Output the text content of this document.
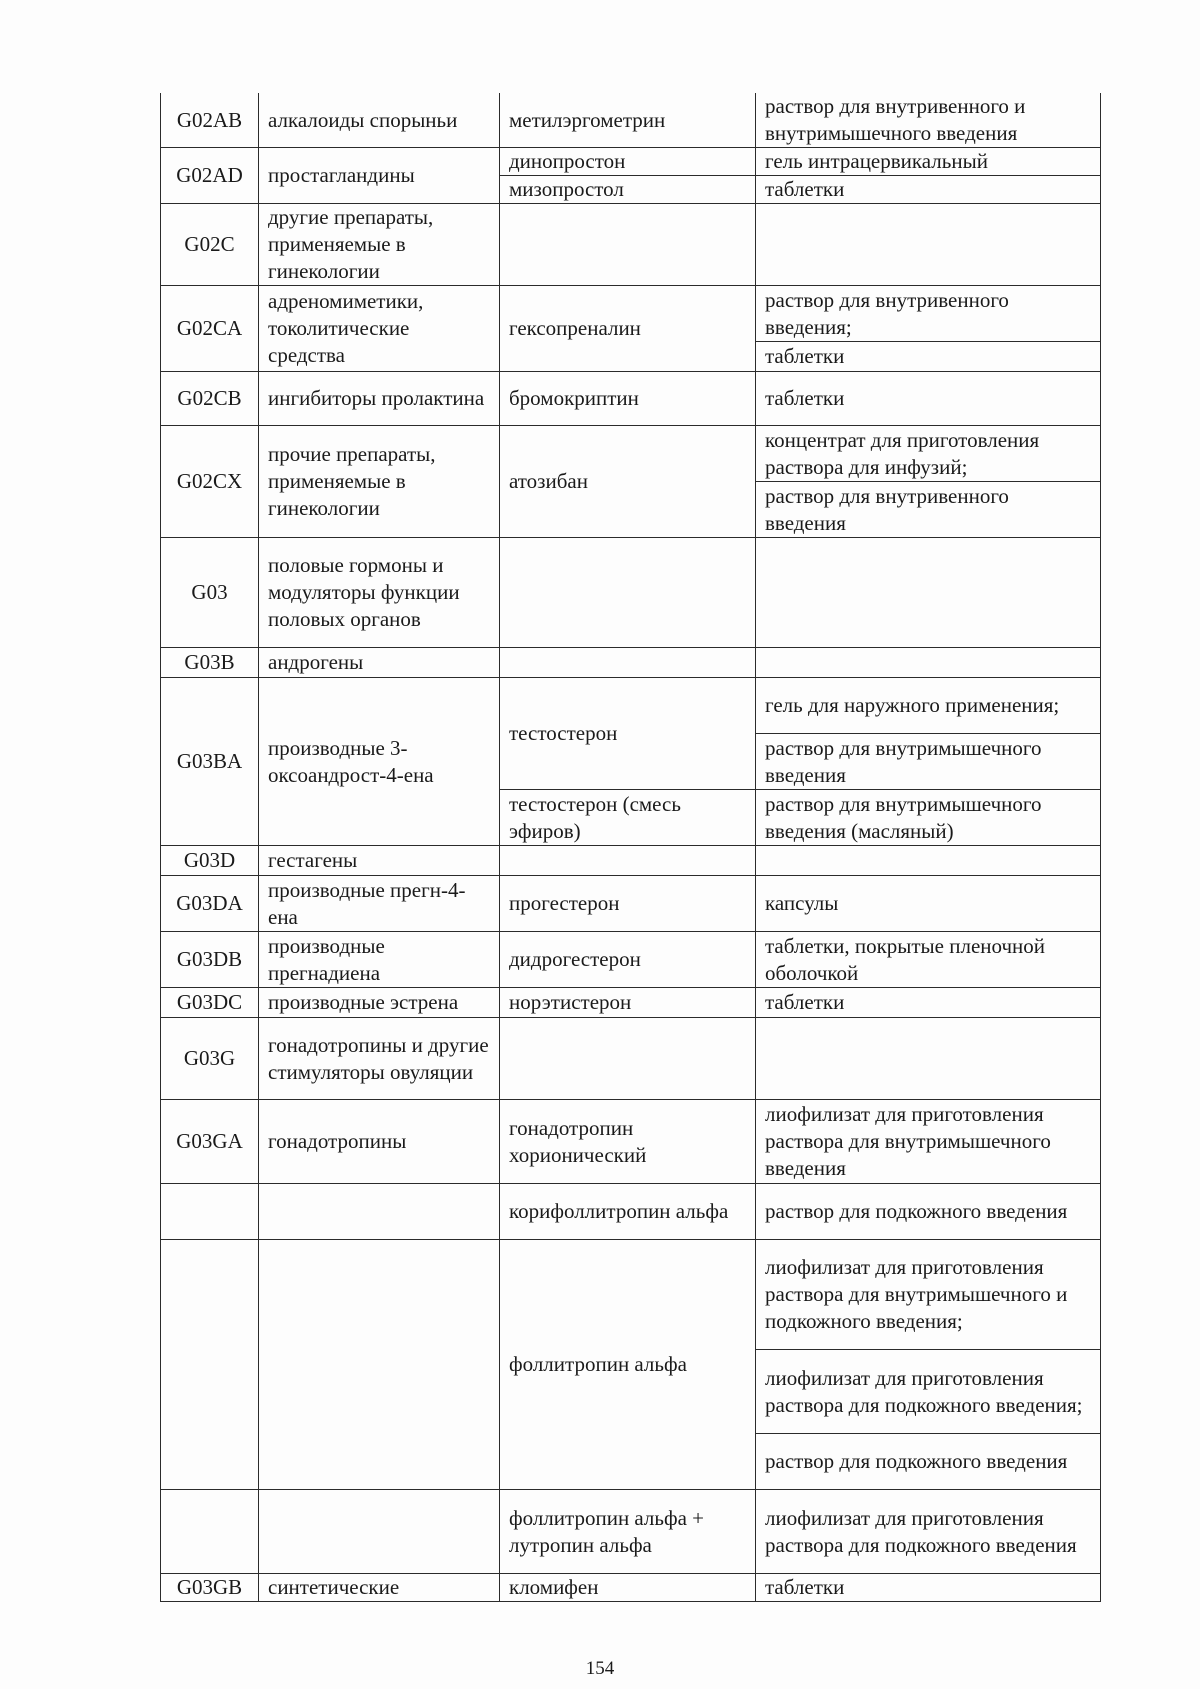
G02AB	алкалоиды спорыньи	метилэргометрин	раствор для внутривенного и внутримышечного введения
G02AD	простагландины	динопростон	гель интрацервикальный
		мизопростол	таблетки
G02C	другие препараты, применяемые в гинекологии		
G02CA	адреномиметики, токолитические средства	гексопреналин	раствор для внутривенного введения;
			таблетки
G02CB	ингибиторы пролактина	бромокриптин	таблетки
G02CX	прочие препараты, применяемые в гинекологии	атозибан	концентрат для приготовления раствора для инфузий;
			раствор для внутривенного введения
G03	половые гормоны и модуляторы функции половых органов		
G03B	андрогены		
G03BA	производные 3-оксоандрост-4-ена	тестостерон	гель для наружного применения;
			раствор для внутримышечного введения
		тестостерон (смесь эфиров)	раствор для внутримышечного введения (масляный)
G03D	гестагены		
G03DA	производные прегн-4-ена	прогестерон	капсулы
G03DB	производные прегнадиена	дидрогестерон	таблетки, покрытые пленочной оболочкой
G03DC	производные эстрена	норэтистерон	таблетки
G03G	гонадотропины и другие стимуляторы овуляции		
G03GA	гонадотропины	гонадотропин хорионический	лиофилизат для приготовления раствора для внутримышечного введения
		корифоллитропин альфа	раствор для подкожного введения
		фоллитропин альфа	лиофилизат для приготовления раствора для внутримышечного и подкожного введения;
			лиофилизат для приготовления раствора для подкожного введения;
			раствор для подкожного введения
		фоллитропин альфа + лутропин альфа	лиофилизат для приготовления раствора для подкожного введения
G03GB	синтетические	кломифен	таблетки
154
